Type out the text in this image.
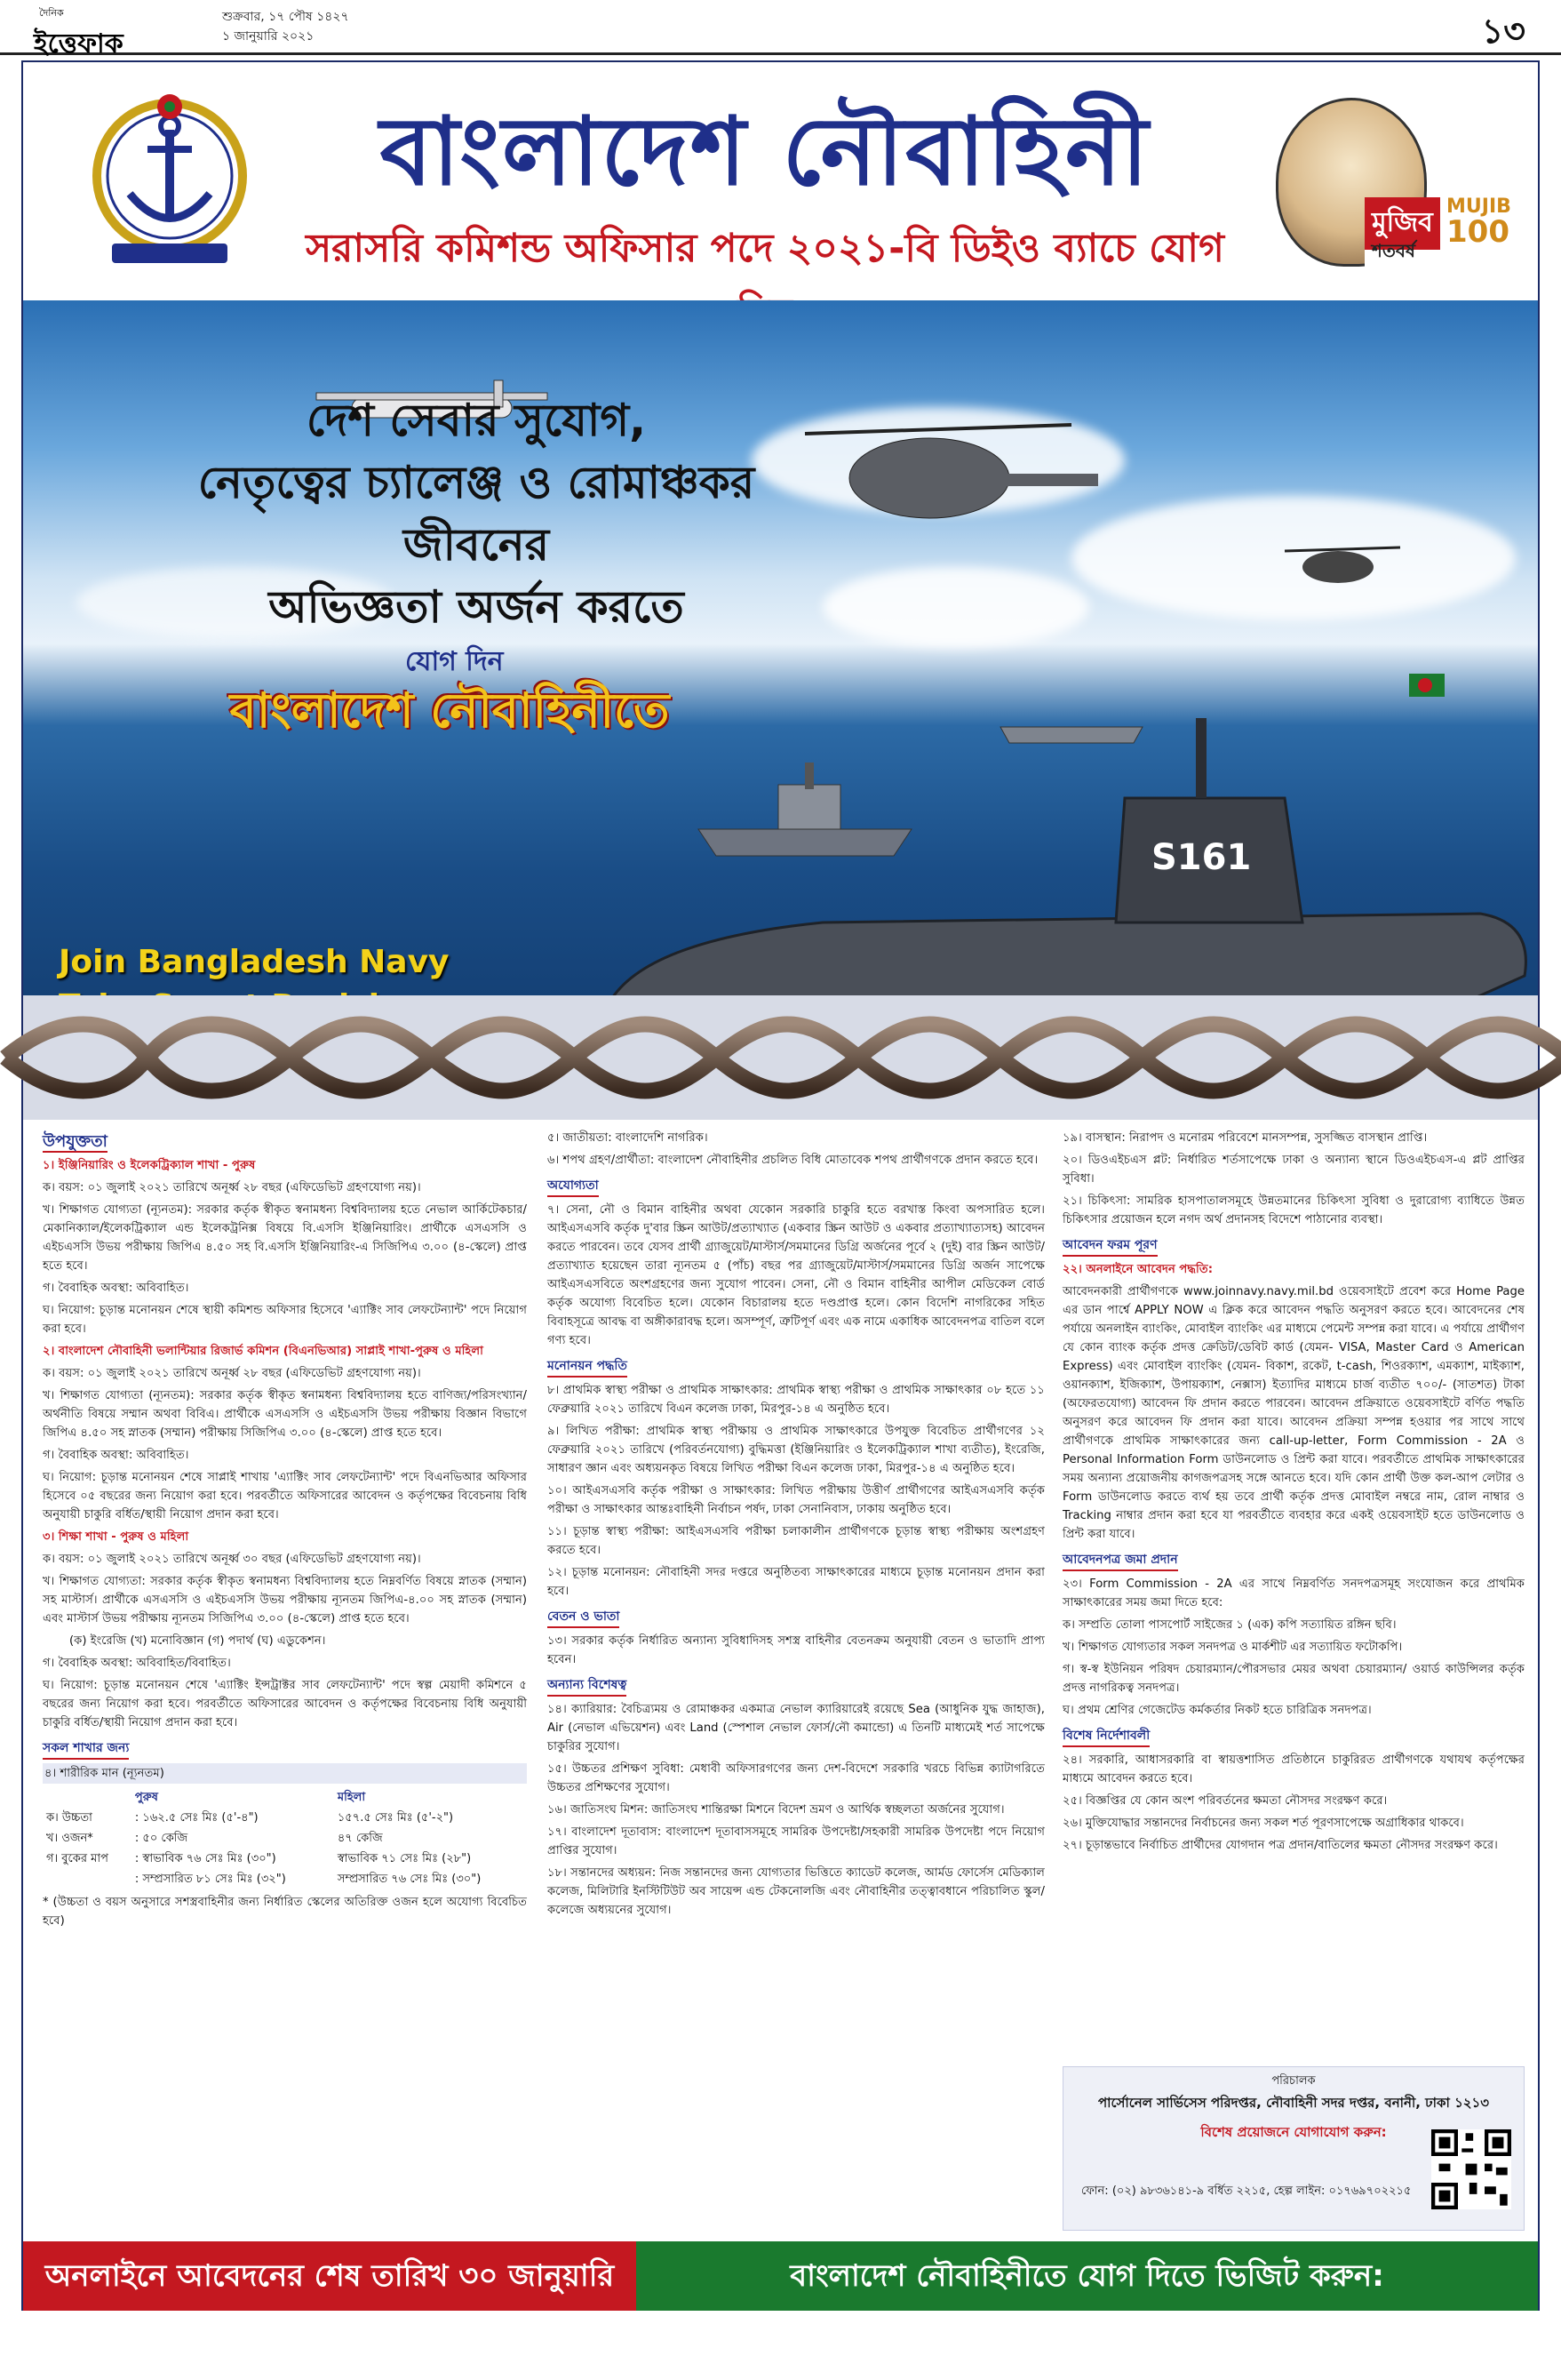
দৈনিক
ইত্তেফাক
শুক্রবার, ১৭ পৌষ ১৪২৭
১ জানুয়ারি ২০২১	১৩
বাংলাদেশ নৌবাহিনী
সরাসরি কমিশন্ড অফিসার পদে ২০২১-বি ডিইও ব্যাচে যোগ
মুজিব
MUJIB
100
শতবর্ষ
S161
দেশ সেবার সুযোগ,
নেতৃত্বের চ্যালেঞ্জ ও রোমাঞ্চকর জীবনের
অভিজ্ঞতা অর্জন করতে
যোগ দিন
বাংলাদেশ নৌবাহিনীতে
Join Bangladesh Navy
উপযুক্ততা

১। ইঞ্জিনিয়ারিং ও ইলেকট্রিক্যাল শাখা - পুরুষ

ক। বয়স: ০১ জুলাই ২০২১ তারিখে অনূর্ধ্ব ২৮ বছর (এফিডেভিট গ্রহণযোগ্য নয়)।

খ। শিক্ষাগত যোগ্যতা (ন্যূনতম): সরকার কর্তৃক স্বীকৃত স্বনামধন্য বিশ্ববিদ্যালয় হতে নেভাল আর্কিটেকচার/মেকানিক্যাল/ইলেকট্রিক্যাল এন্ড ইলেকট্রনিক্স বিষয়ে বি.এসসি ইঞ্জিনিয়ারিং। প্রার্থীকে এসএসসি ও এইচএসসি উভয় পরীক্ষায় জিপিএ ৪.৫০ সহ বি.এসসি ইঞ্জিনিয়ারিং-এ সিজিপিএ ৩.০০ (৪-স্কেলে) প্রাপ্ত হতে হবে।

গ। বৈবাহিক অবস্থা: অবিবাহিত।

ঘ। নিয়োগ: চূড়ান্ত মনোনয়ন শেষে স্থায়ী কমিশন্ড অফিসার হিসেবে 'এ্যাক্টিং সাব লেফটেন্যান্ট' পদে নিয়োগ করা হবে।

২। বাংলাদেশ নৌবাহিনী ভলান্টিয়ার রিজার্ভ কমিশন (বিএনভিআর) সাপ্লাই শাখা-পুরুষ ও মহিলা

ক। বয়স: ০১ জুলাই ২০২১ তারিখে অনূর্ধ্ব ২৮ বছর (এফিডেভিট গ্রহণযোগ্য নয়)।

খ। শিক্ষাগত যোগ্যতা (ন্যূনতম): সরকার কর্তৃক স্বীকৃত স্বনামধন্য বিশ্ববিদ্যালয় হতে বাণিজ্য/পরিসংখ্যান/অর্থনীতি বিষয়ে সম্মান অথবা বিবিএ। প্রার্থীকে এসএসসি ও এইচএসসি উভয় পরীক্ষায় বিজ্ঞান বিভাগে জিপিএ ৪.৫০ সহ স্নাতক (সম্মান) পরীক্ষায় সিজিপিএ ৩.০০ (৪-স্কেলে) প্রাপ্ত হতে হবে।

গ। বৈবাহিক অবস্থা: অবিবাহিত।

ঘ। নিয়োগ: চূড়ান্ত মনোনয়ন শেষে সাপ্লাই শাখায় 'এ্যাক্টিং সাব লেফটেন্যান্ট' পদে বিএনভিআর অফিসার হিসেবে ০৫ বছরের জন্য নিয়োগ করা হবে। পরবর্তীতে অফিসারের আবেদন ও কর্তৃপক্ষের বিবেচনায় বিধি অনুযায়ী চাকুরি বর্ধিত/স্থায়ী নিয়োগ প্রদান করা হবে।

৩। শিক্ষা শাখা - পুরুষ ও মহিলা

ক। বয়স: ০১ জুলাই ২০২১ তারিখে অনূর্ধ্ব ৩০ বছর (এফিডেভিট গ্রহণযোগ্য নয়)।

খ। শিক্ষাগত যোগ্যতা: সরকার কর্তৃক স্বীকৃত স্বনামধন্য বিশ্ববিদ্যালয় হতে নিম্নবর্ণিত বিষয়ে স্নাতক (সম্মান) সহ মাস্টার্স। প্রার্থীকে এসএসসি ও এইচএসসি উভয় পরীক্ষায় ন্যূনতম জিপিএ-৪.০০ সহ স্নাতক (সম্মান) এবং মাস্টার্স উভয় পরীক্ষায় ন্যূনতম সিজিপিএ ৩.০০ (৪-স্কেলে) প্রাপ্ত হতে হবে।

(ক) ইংরেজি (খ) মনোবিজ্ঞান (গ) পদার্থ (ঘ) এডুকেশন।

গ। বৈবাহিক অবস্থা: অবিবাহিত/বিবাহিত।

ঘ। নিয়োগ: চূড়ান্ত মনোনয়ন শেষে 'এ্যাক্টিং ইন্সট্রাক্টর সাব লেফটেন্যান্ট' পদে স্বল্প মেয়াদী কমিশনে ৫ বছরের জন্য নিয়োগ করা হবে। পরবর্তীতে অফিসারের আবেদন ও কর্তৃপক্ষের বিবেচনায় বিধি অনুযায়ী চাকুরি বর্ধিত/স্থায়ী নিয়োগ প্রদান করা হবে।

সকল শাখার জন্য

৪। শারীরিক মান (ন্যূনতম)

	পুরুষ	মহিলা
ক। উচ্চতা	: ১৬২.৫ সেঃ মিঃ (৫'-৪")	১৫৭.৫ সেঃ মিঃ (৫'-২")
খ। ওজন*	: ৫০ কেজি	৪৭ কেজি
গ। বুকের মাপ	: স্বাভাবিক ৭৬ সেঃ মিঃ (৩০")	স্বাভাবিক ৭১ সেঃ মিঃ (২৮")
	: সম্প্রসারিত ৮১ সেঃ মিঃ (৩২")	সম্প্রসারিত ৭৬ সেঃ মিঃ (৩০")

* (উচ্চতা ও বয়স অনুসারে সশস্ত্রবাহিনীর জন্য নির্ধারিত স্কেলের অতিরিক্ত ওজন হলে অযোগ্য বিবেচিত হবে)

৫। জাতীয়তা: বাংলাদেশি নাগরিক।

৬। শপথ গ্রহণ/প্রার্থীতা: বাংলাদেশ নৌবাহিনীর প্রচলিত বিধি মোতাবেক শপথ প্রার্থীগণকে প্রদান করতে হবে।

অযোগ্যতা

৭। সেনা, নৌ ও বিমান বাহিনীর অথবা যেকোন সরকারি চাকুরি হতে বরখাস্ত কিংবা অপসারিত হলে। আইএসএসবি কর্তৃক দু'বার স্ক্রিন আউট/প্রত্যাখ্যাত (একবার স্ক্রিন আউট ও একবার প্রত্যাখ্যাত্যসহ) আবেদন করতে পারবেন। তবে যেসব প্রার্থী গ্র্যাজুয়েট/মাস্টার্স/সমমানের ডিগ্রি অর্জনের পূর্বে ২ (দুই) বার স্ক্রিন আউট/প্রত্যাখ্যাত হয়েছেন তারা ন্যূনতম ৫ (পাঁচ) বছর পর গ্র্যাজুয়েট/মাস্টার্স/সমমানের ডিগ্রি অর্জন সাপেক্ষে আইএসএসবিতে অংশগ্রহণের জন্য সুযোগ পাবেন। সেনা, নৌ ও বিমান বাহিনীর আপীল মেডিকেল বোর্ড কর্তৃক অযোগ্য বিবেচিত হলে। যেকোন বিচারালয় হতে দণ্ডপ্রাপ্ত হলে। কোন বিদেশি নাগরিকের সহিত বিবাহসূত্রে আবদ্ধ বা অঙ্গীকারাবদ্ধ হলে। অসম্পূর্ণ, ত্রুটিপূর্ণ এবং এক নামে একাধিক আবেদনপত্র বাতিল বলে গণ্য হবে।

মনোনয়ন পদ্ধতি

৮। প্রাথমিক স্বাস্থ্য পরীক্ষা ও প্রাথমিক সাক্ষাৎকার: প্রাথমিক স্বাস্থ্য পরীক্ষা ও প্রাথমিক সাক্ষাৎকার ০৮ হতে ১১ ফেব্রুয়ারি ২০২১ তারিখে বিএন কলেজ ঢাকা, মিরপুর-১৪ এ অনুষ্ঠিত হবে।

৯। লিখিত পরীক্ষা: প্রাথমিক স্বাস্থ্য পরীক্ষায় ও প্রাথমিক সাক্ষাৎকারে উপযুক্ত বিবেচিত প্রার্থীগণের ১২ ফেব্রুয়ারি ২০২১ তারিখে (পরিবর্তনযোগ্য) বুদ্ধিমত্তা (ইঞ্জিনিয়ারিং ও ইলেকট্রিক্যাল শাখা ব্যতীত), ইংরেজি, সাধারণ জ্ঞান এবং অধ্যয়নকৃত বিষয়ে লিখিত পরীক্ষা বিএন কলেজ ঢাকা, মিরপুর-১৪ এ অনুষ্ঠিত হবে।

১০। আইএসএসবি কর্তৃক পরীক্ষা ও সাক্ষাৎকার: লিখিত পরীক্ষায় উত্তীর্ণ প্রার্থীগণের আইএসএসবি কর্তৃক পরীক্ষা ও সাক্ষাৎকার আন্তঃবাহিনী নির্বাচন পর্ষদ, ঢাকা সেনানিবাস, ঢাকায় অনুষ্ঠিত হবে।

১১। চূড়ান্ত স্বাস্থ্য পরীক্ষা: আইএসএসবি পরীক্ষা চলাকালীন প্রার্থীগণকে চূড়ান্ত স্বাস্থ্য পরীক্ষায় অংশগ্রহণ করতে হবে।

১২। চূড়ান্ত মনোনয়ন: নৌবাহিনী সদর দপ্তরে অনুষ্ঠিতব্য সাক্ষাৎকারের মাধ্যমে চূড়ান্ত মনোনয়ন প্রদান করা হবে।

বেতন ও ভাতা

১৩। সরকার কর্তৃক নির্ধারিত অন্যান্য সুবিধাদিসহ সশস্ত্র বাহিনীর বেতনক্রম অনুযায়ী বেতন ও ভাতাদি প্রাপ্য হবেন।

অন্যান্য বিশেষত্ব

১৪। ক্যারিয়ার: বৈচিত্র্যময় ও রোমাঞ্চকর একমাত্র নেভাল ক্যারিয়ারেই রয়েছে Sea (আধুনিক যুদ্ধ জাহাজ), Air (নেভাল এভিয়েশন) এবং Land (স্পেশাল নেভাল ফোর্স/নৌ কমান্ডো) এ তিনটি মাধ্যমেই শর্ত সাপেক্ষে চাকুরির সুযোগ।

১৫। উচ্চতর প্রশিক্ষণ সুবিধা: মেধাবী অফিসারগণের জন্য দেশ-বিদেশে সরকারি খরচে বিভিন্ন ক্যাটাগরিতে উচ্চতর প্রশিক্ষণের সুযোগ।

১৬। জাতিসংঘ মিশন: জাতিসংঘ শান্তিরক্ষা মিশনে বিদেশ ভ্রমণ ও আর্থিক স্বচ্ছলতা অর্জনের সুযোগ।

১৭। বাংলাদেশ দূতাবাস: বাংলাদেশ দূতাবাসসমূহে সামরিক উপদেষ্টা/সহকারী সামরিক উপদেষ্টা পদে নিয়োগ প্রাপ্তির সুযোগ।

১৮। সন্তানদের অধ্যয়ন: নিজ সন্তানদের জন্য যোগ্যতার ভিত্তিতে ক্যাডেট কলেজ, আর্মড ফোর্সেস মেডিক্যাল কলেজ, মিলিটারি ইনস্টিটিউট অব সায়েন্স এন্ড টেকনোলজি এবং নৌবাহিনীর তত্ত্বাবধানে পরিচালিত স্কুল/কলেজে অধ্যয়নের সুযোগ।

১৯। বাসস্থান: নিরাপদ ও মনোরম পরিবেশে মানসম্পন্ন, সুসজ্জিত বাসস্থান প্রাপ্তি।

২০। ডিওএইচএস প্লট: নির্ধারিত শর্তসাপেক্ষে ঢাকা ও অন্যান্য স্থানে ডিওএইচএস-এ প্লট প্রাপ্তির সুবিধা।

২১। চিকিৎসা: সামরিক হাসপাতালসমূহে উন্নতমানের চিকিৎসা সুবিধা ও দুরারোগ্য ব্যাধিতে উন্নত চিকিৎসার প্রয়োজন হলে নগদ অর্থ প্রদানসহ বিদেশে পাঠানোর ব্যবস্থা।

আবেদন ফরম পূরণ

২২। অনলাইনে আবেদন পদ্ধতি:

আবেদনকারী প্রার্থীগণকে www.joinnavy.navy.mil.bd ওয়েবসাইটে প্রবেশ করে Home Page এর ডান পার্শ্বে APPLY NOW এ ক্লিক করে আবেদন পদ্ধতি অনুসরণ করতে হবে। আবেদনের শেষ পর্যায়ে অনলাইন ব্যাংকিং, মোবাইল ব্যাংকিং এর মাধ্যমে পেমেন্ট সম্পন্ন করা যাবে। এ পর্যায়ে প্রার্থীগণ যে কোন ব্যাংক কর্তৃক প্রদত্ত ক্রেডিট/ডেবিট কার্ড (যেমন- VISA, Master Card ও American Express) এবং মোবাইল ব্যাংকিং (যেমন- বিকাশ, রকেট, t-cash, শিওরক্যাশ, এমক্যাশ, মাইক্যাশ, ওয়ানক্যাশ, ইজিক্যাশ, উপায়ক্যাশ, নেক্সাস) ইত্যাদির মাধ্যমে চার্জ ব্যতীত ৭০০/- (সাতশত) টাকা (অফেরতযোগ্য) আবেদন ফি প্রদান করতে পারবেন। আবেদন প্রক্রিয়াতে ওয়েবসাইটে বর্ণিত পদ্ধতি অনুসরণ করে আবেদন ফি প্রদান করা যাবে। আবেদন প্রক্রিয়া সম্পন্ন হওয়ার পর সাথে সাথে প্রার্থীগণকে প্রাথমিক সাক্ষাৎকারের জন্য call-up-letter, Form Commission - 2A ও Personal Information Form ডাউনলোড ও প্রিন্ট করা যাবে। পরবর্তীতে প্রাথমিক সাক্ষাৎকারের সময় অন্যান্য প্রয়োজনীয় কাগজপত্রসহ সঙ্গে আনতে হবে। যদি কোন প্রার্থী উক্ত কল-আপ লেটার ও Form ডাউনলোড করতে ব্যর্থ হয় তবে প্রার্থী কর্তৃক প্রদত্ত মোবাইল নম্বরে নাম, রোল নাম্বার ও Tracking নাম্বার প্রদান করা হবে যা পরবর্তীতে ব্যবহার করে একই ওয়েবসাইট হতে ডাউনলোড ও প্রিন্ট করা যাবে।

আবেদনপত্র জমা প্রদান

২৩। Form Commission - 2A এর সাথে নিম্নবর্ণিত সনদপত্রসমূহ সংযোজন করে প্রাথমিক সাক্ষাৎকারের সময় জমা দিতে হবে:

ক। সম্প্রতি তোলা পাসপোর্ট সাইজের ১ (এক) কপি সত্যায়িত রঙ্গিন ছবি।

খ। শিক্ষাগত যোগ্যতার সকল সনদপত্র ও মার্কশীট এর সত্যায়িত ফটোকপি।

গ। স্ব-স্ব ইউনিয়ন পরিষদ চেয়ারম্যান/পৌরসভার মেয়র অথবা চেয়ারম্যান/ ওয়ার্ড কাউন্সিলর কর্তৃক প্রদত্ত নাগরিকত্ব সনদপত্র।

ঘ। প্রথম শ্রেণির গেজেটেড কর্মকর্তার নিকট হতে চারিত্রিক সনদপত্র।

বিশেষ নির্দেশাবলী

২৪। সরকারি, আধাসরকারি বা স্বায়ত্তশাসিত প্রতিষ্ঠানে চাকুরিরত প্রার্থীগণকে যথাযথ কর্তৃপক্ষের মাধ্যমে আবেদন করতে হবে।

২৫। বিজ্ঞপ্তির যে কোন অংশ পরিবর্তনের ক্ষমতা নৌসদর সংরক্ষণ করে।

২৬। মুক্তিযোদ্ধার সন্তানদের নির্বাচনের জন্য সকল শর্ত পূরণসাপেক্ষে অগ্রাধিকার থাকবে।

২৭। চূড়ান্তভাবে নির্বাচিত প্রার্থীদের যোগদান পত্র প্রদান/বাতিলের ক্ষমতা নৌসদর সংরক্ষণ করে।

পরিচালক
পার্সোনেল সার্ভিসেস পরিদপ্তর, নৌবাহিনী সদর দপ্তর, বনানী, ঢাকা ১২১৩
বিশেষ প্রয়োজনে যোগাযোগ করুন:
ফোন: (০২) ৯৮৩৬১৪১-৯ বর্ধিত ২২১৫, হেল্প লাইন: ০১৭৬৯৭০২২১৫
অনলাইনে আবেদনের শেষ তারিখ ৩০ জানুয়ারি ২০২১
বাংলাদেশ নৌবাহিনীতে যোগ দিতে ভিজিট করুন: www.joinnavy.navy.mil.bd
